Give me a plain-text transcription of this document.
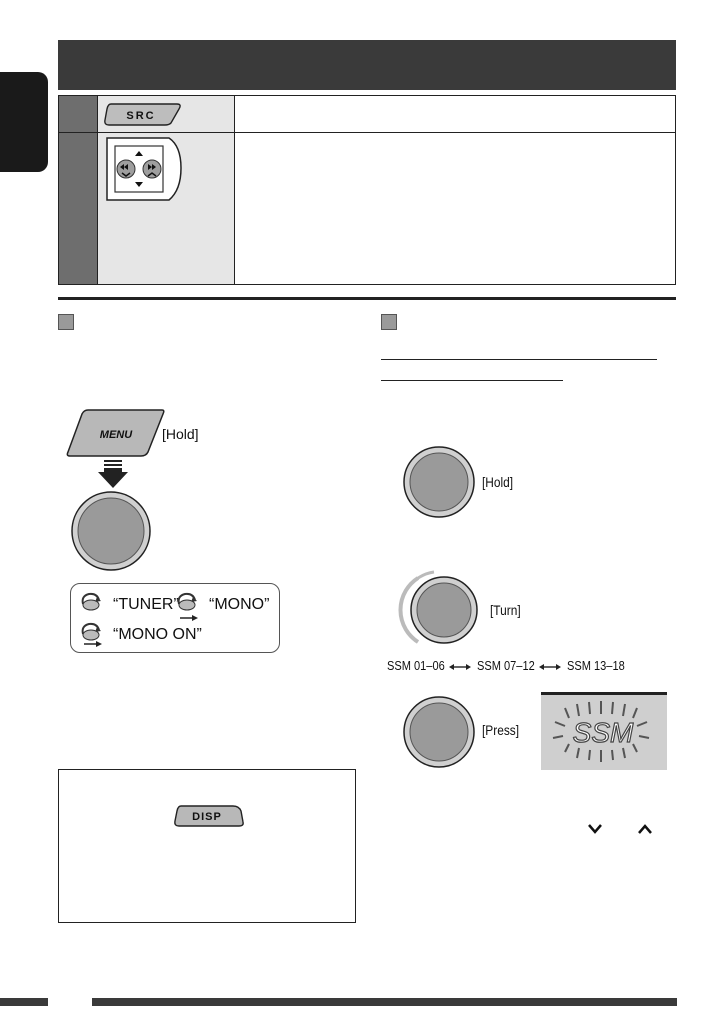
SRC
MENU [Hold]
“TUNER” “MONO”
“MONO ON”
DISP
[Hold]
[Turn]
SSM 01–06 SSM 07–12 SSM 13–18
[Press] SSM
